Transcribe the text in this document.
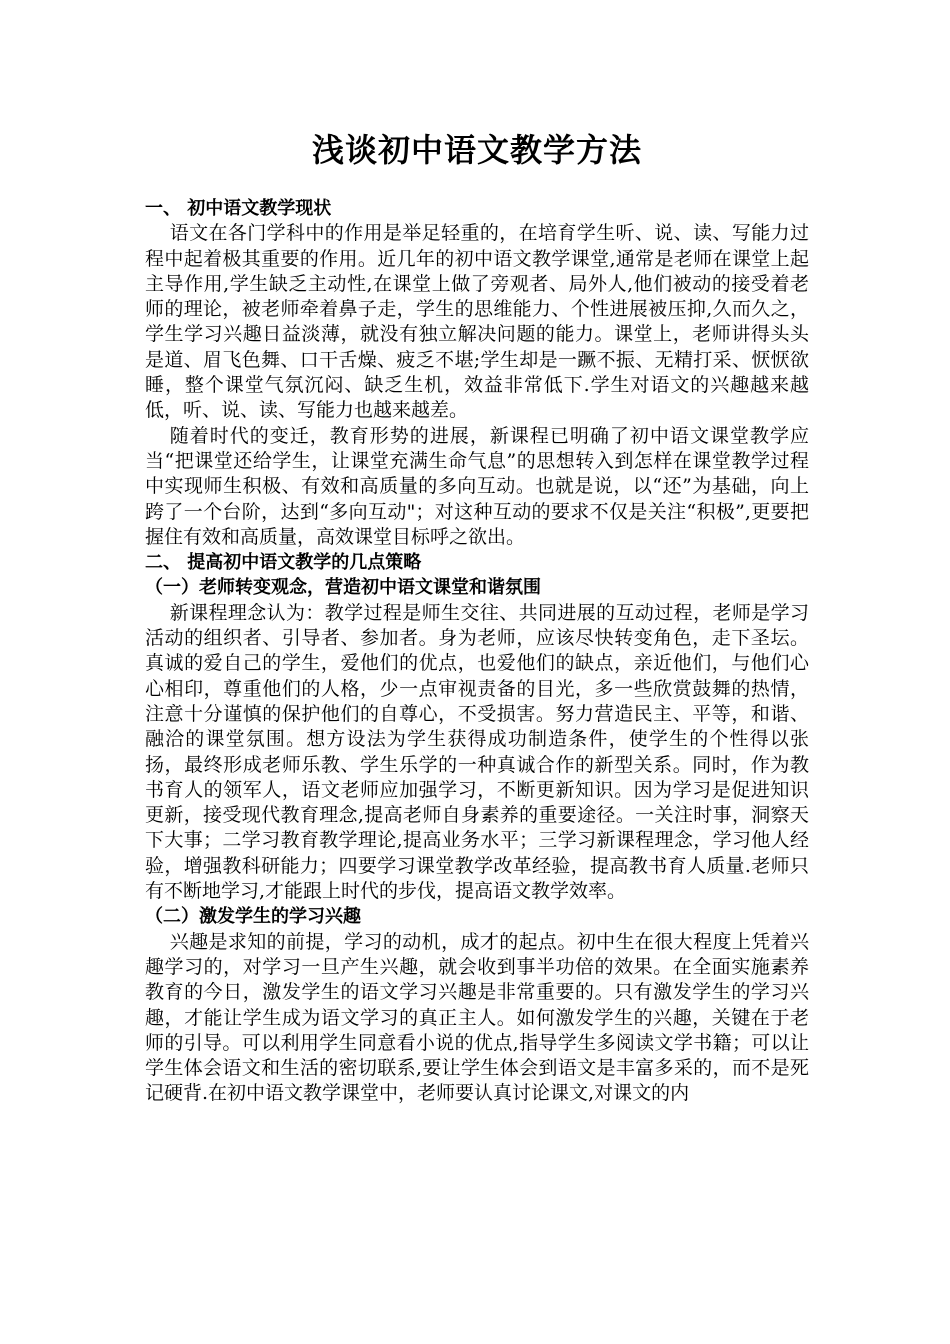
浅谈初中语文教学方法
一、 初中语文教学现状

语文在各门学科中的作用是举足轻重的，在培育学生听、说、读、写能力过程中起着极其重要的作用。近几年的初中语文教学课堂,通常是老师在课堂上起主导作用,学生缺乏主动性,在课堂上做了旁观者、局外人,他们被动的接受着老师的理论，被老师牵着鼻子走，学生的思维能力、个性进展被压抑,久而久之，学生学习兴趣日益淡薄，就没有独立解决问题的能力。课堂上，老师讲得头头是道、眉飞色舞、口干舌燥、疲乏不堪;学生却是一蹶不振、无精打采、恹恹欲睡，整个课堂气氛沉闷、缺乏生机，效益非常低下.学生对语文的兴趣越来越低，听、说、读、写能力也越来越差。

随着时代的变迁，教育形势的进展，新课程已明确了初中语文课堂教学应当“把课堂还给学生，让课堂充满生命气息”的思想转入到怎样在课堂教学过程中实现师生积极、有效和高质量的多向互动。也就是说，以“还”为基础，向上跨了一个台阶，达到“多向互动"；对这种互动的要求不仅是关注“积极”,更要把握住有效和高质量，高效课堂目标呼之欲出。

二、 提高初中语文教学的几点策略
（一）老师转变观念，营造初中语文课堂和谐氛围

新课程理念认为：教学过程是师生交往、共同进展的互动过程，老师是学习活动的组织者、引导者、参加者。身为老师，应该尽快转变角色，走下圣坛。真诚的爱自己的学生，爱他们的优点，也爱他们的缺点，亲近他们，与他们心心相印，尊重他们的人格，少一点审视责备的目光，多一些欣赏鼓舞的热情，注意十分谨慎的保护他们的自尊心，不受损害。努力营造民主、平等，和谐、融洽的课堂氛围。想方设法为学生获得成功制造条件，使学生的个性得以张扬，最终形成老师乐教、学生乐学的一种真诚合作的新型关系。同时，作为教书育人的领军人，语文老师应加强学习，不断更新知识。因为学习是促进知识更新，接受现代教育理念,提高老师自身素养的重要途径。一关注时事，洞察天下大事；二学习教育教学理论,提高业务水平；三学习新课程理念，学习他人经验，增强教科研能力；四要学习课堂教学改革经验，提高教书育人质量.老师只有不断地学习,才能跟上时代的步伐，提高语文教学效率。

（二）激发学生的学习兴趣

兴趣是求知的前提，学习的动机，成才的起点。初中生在很大程度上凭着兴趣学习的，对学习一旦产生兴趣，就会收到事半功倍的效果。在全面实施素养教育的今日，激发学生的语文学习兴趣是非常重要的。只有激发学生的学习兴趣，才能让学生成为语文学习的真正主人。如何激发学生的兴趣，关键在于老师的引导。可以利用学生同意看小说的优点,指导学生多阅读文学书籍；可以让学生体会语文和生活的密切联系,要让学生体会到语文是丰富多采的，而不是死记硬背.在初中语文教学课堂中，老师要认真讨论课文,对课文的内
